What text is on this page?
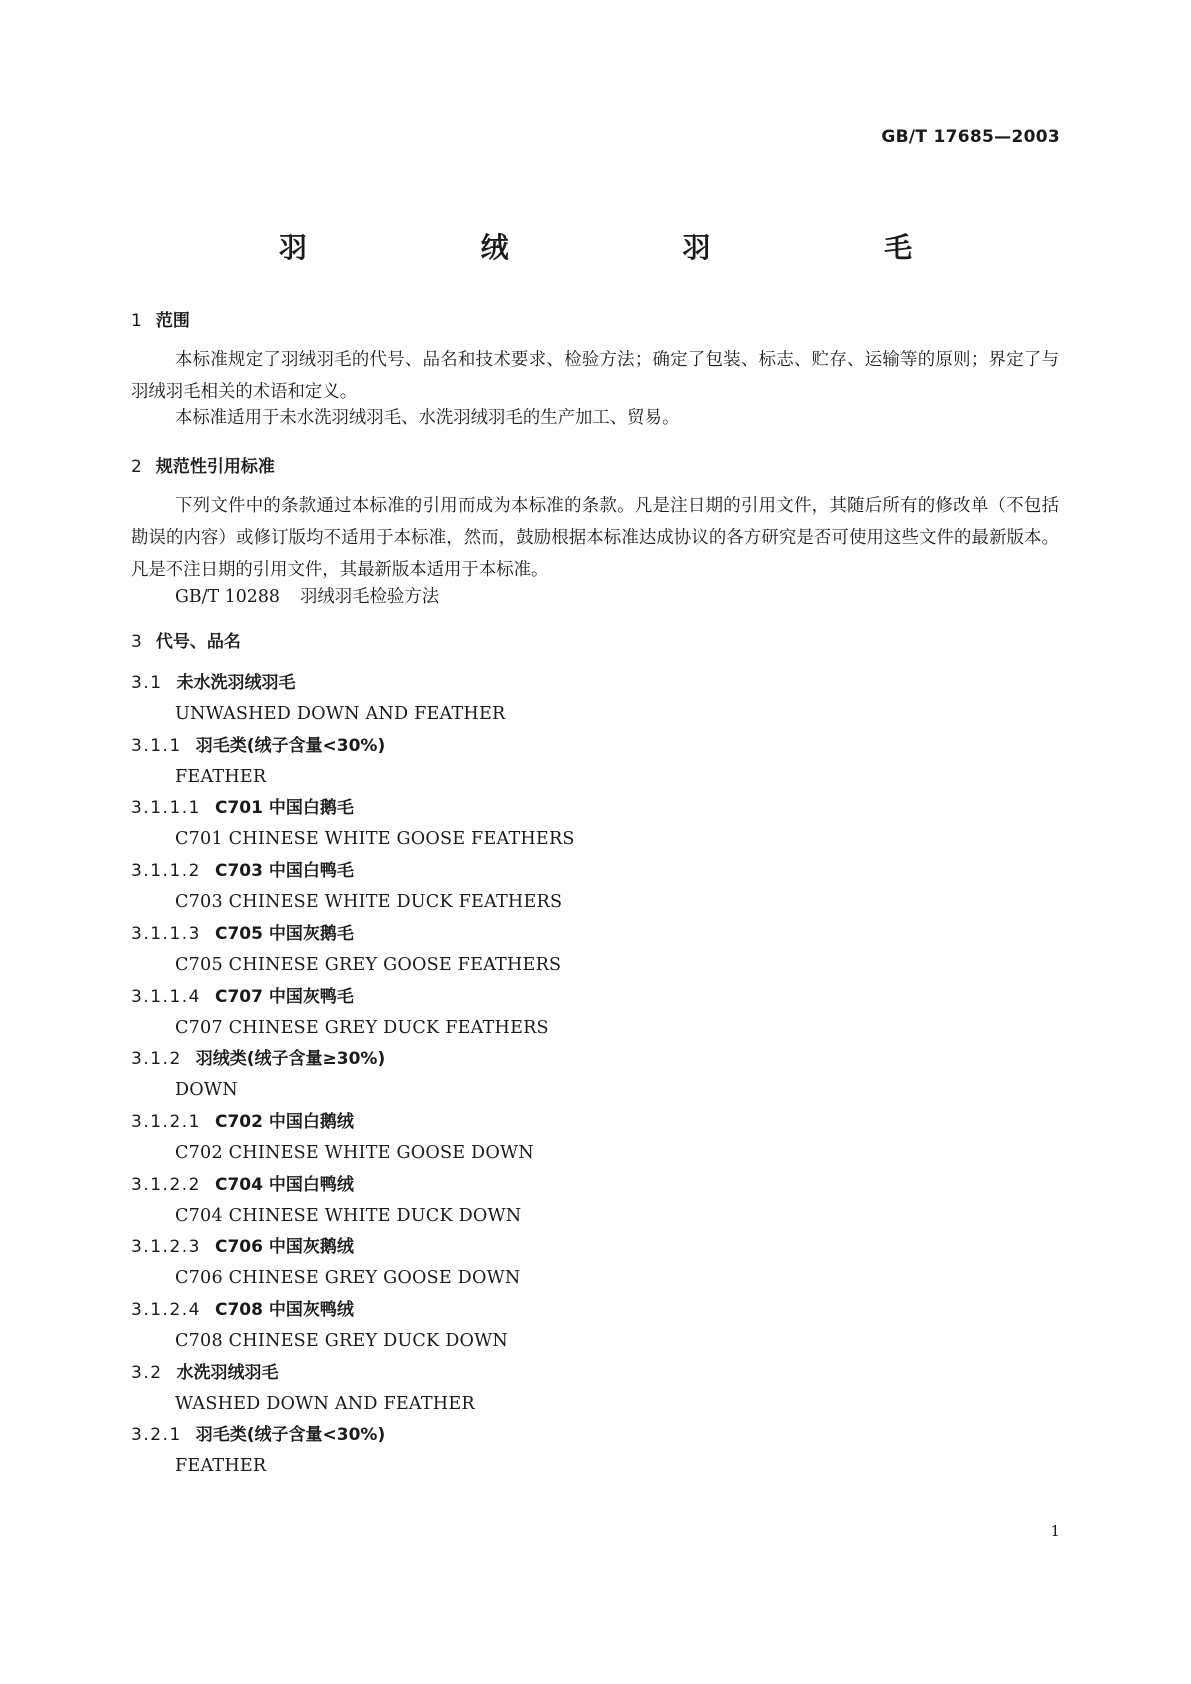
GB/T 17685—2003
羽 绒 羽 毛
1 范围
本标准规定了羽绒羽毛的代号、品名和技术要求、检验方法；确定了包装、标志、贮存、运输等的原则；界定了与羽绒羽毛相关的术语和定义。
本标准适用于未水洗羽绒羽毛、水洗羽绒羽毛的生产加工、贸易。
2 规范性引用标准
下列文件中的条款通过本标准的引用而成为本标准的条款。凡是注日期的引用文件，其随后所有的修改单（不包括勘误的内容）或修订版均不适用于本标准，然而，鼓励根据本标准达成协议的各方研究是否可使用这些文件的最新版本。凡是不注日期的引用文件，其最新版本适用于本标准。
GB/T 10288 羽绒羽毛检验方法
3 代号、品名
3.1 未水洗羽绒羽毛
UNWASHED DOWN AND FEATHER
3.1.1 羽毛类(绒子含量<30%)
FEATHER
3.1.1.1 C701 中国白鹅毛
C701 CHINESE WHITE GOOSE FEATHERS
3.1.1.2 C703 中国白鸭毛
C703 CHINESE WHITE DUCK FEATHERS
3.1.1.3 C705 中国灰鹅毛
C705 CHINESE GREY GOOSE FEATHERS
3.1.1.4 C707 中国灰鸭毛
C707 CHINESE GREY DUCK FEATHERS
3.1.2 羽绒类(绒子含量≥30%)
DOWN
3.1.2.1 C702 中国白鹅绒
C702 CHINESE WHITE GOOSE DOWN
3.1.2.2 C704 中国白鸭绒
C704 CHINESE WHITE DUCK DOWN
3.1.2.3 C706 中国灰鹅绒
C706 CHINESE GREY GOOSE DOWN
3.1.2.4 C708 中国灰鸭绒
C708 CHINESE GREY DUCK DOWN
3.2 水洗羽绒羽毛
WASHED DOWN AND FEATHER
3.2.1 羽毛类(绒子含量<30%)
FEATHER
1
